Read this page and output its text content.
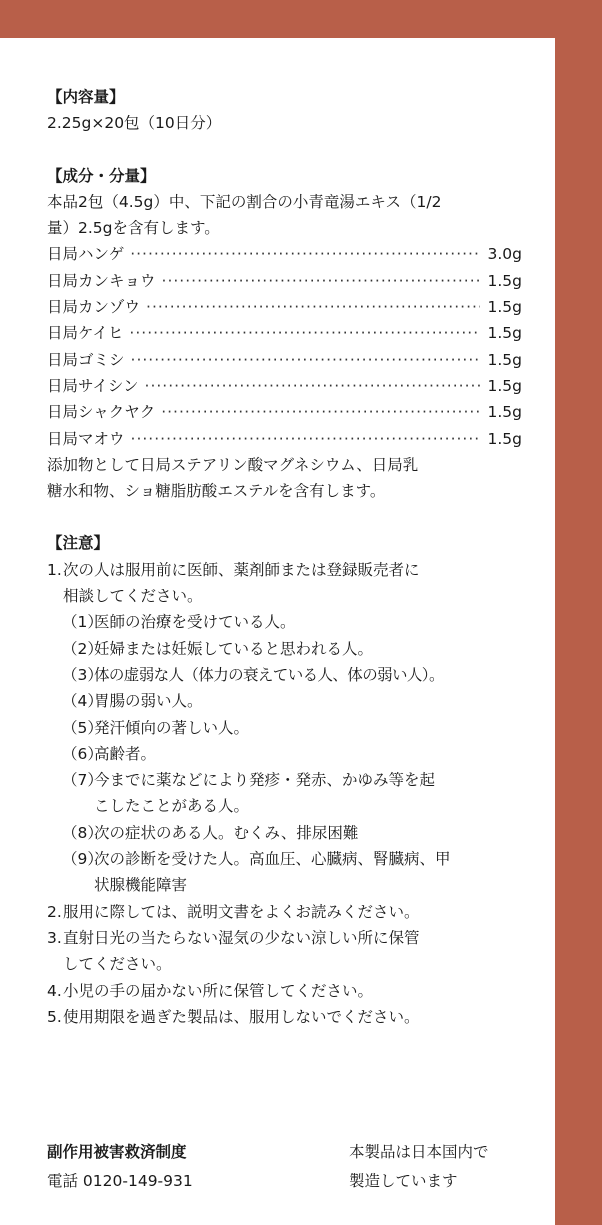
【内容量】
2.25g×20包（10日分）
【成分・分量】
本品2包（4.5g）中、下記の割合の小青竜湯エキス（1/2
量）2.5gを含有します。
日局ハンゲ ·····	3.0g
日局カンキョウ ·····	1.5g
日局カンゾウ ·····	1.5g
日局ケイヒ ·····	1.5g
日局ゴミシ ·····	1.5g
日局サイシン ·····	1.5g
日局シャクヤク ·····	1.5g
日局マオウ ·····	1.5g
添加物として日局ステアリン酸マグネシウム、日局乳
糖水和物、ショ糖脂肪酸エステルを含有します。
【注意】
1. 次の人は服用前に医師、薬剤師または登録販売者に
相談してください。
（1）
医師の治療を受けている人。
（2）
妊婦または妊娠していると思われる人。
（3）
体の虚弱な人（体力の衰えている人、体の弱い人）。
（4）
胃腸の弱い人。
（5）
発汗傾向の著しい人。
（6）
高齢者。
（7）
今までに薬などにより発疹・発赤、かゆみ等を起
こしたことがある人。
（8）
次の症状のある人。むくみ、排尿困難
（9）
次の診断を受けた人。高血圧、心臓病、腎臓病、甲
状腺機能障害
2. 服用に際しては、説明文書をよくお読みください。
3. 直射日光の当たらない湿気の少ない涼しい所に保管
してください。
4. 小児の手の届かない所に保管してください。
5. 使用期限を過ぎた製品は、服用しないでください。
副作用被害救済制度
電話 0120-149-931
本製品は日本国内で
製造しています
